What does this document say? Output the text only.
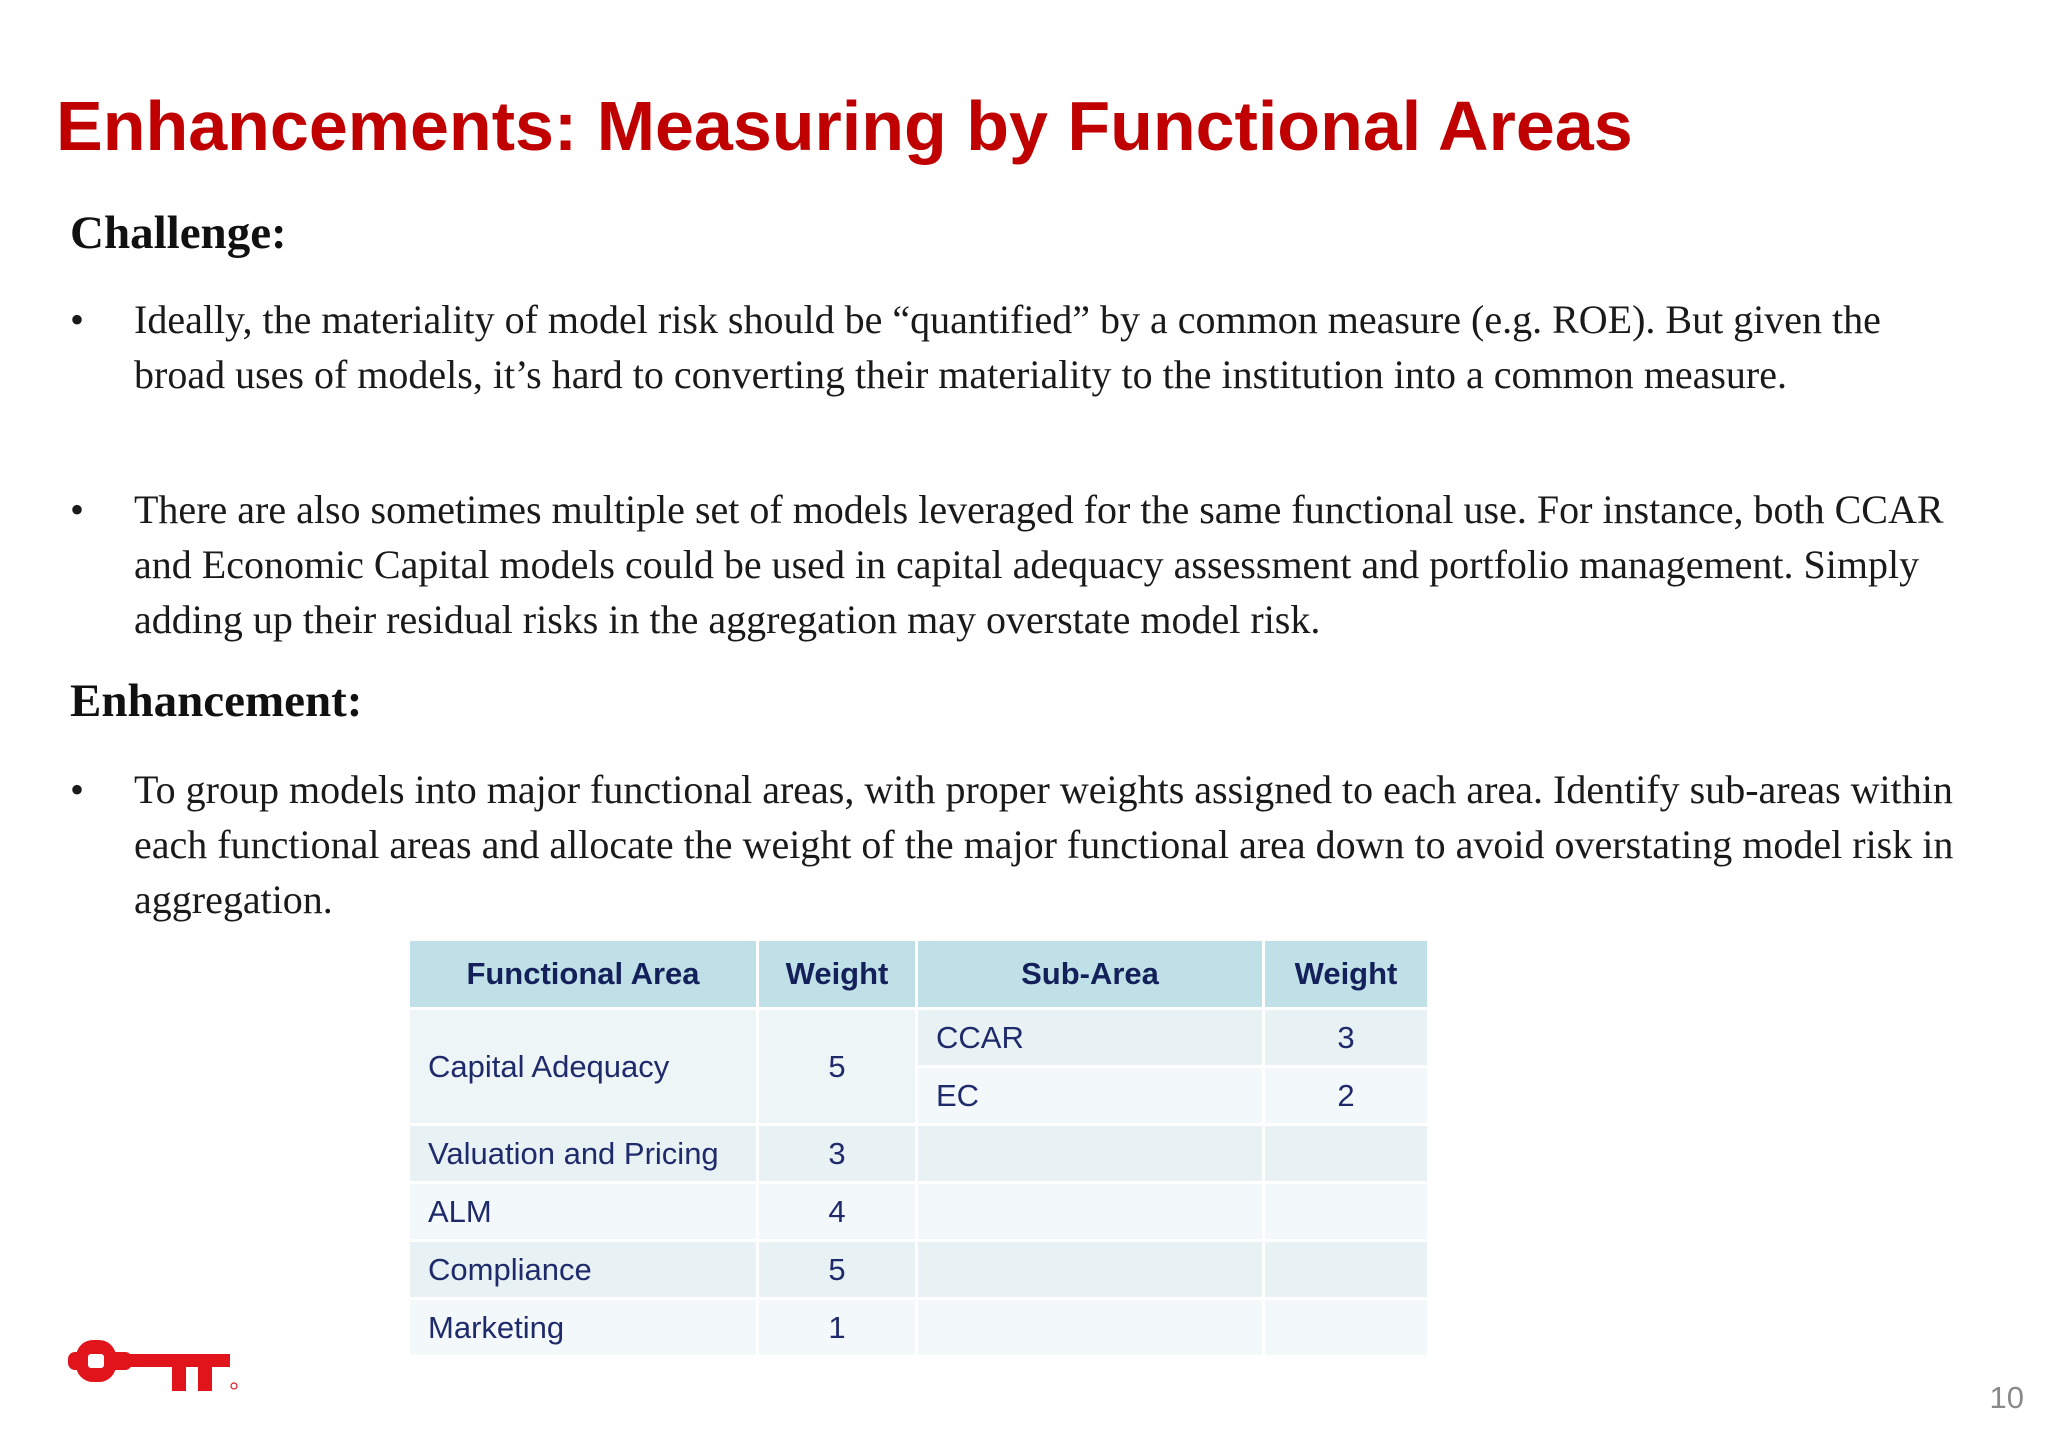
Enhancements: Measuring by Functional Areas
Challenge:
•	Ideally, the materiality of model risk should be “quantified” by a common measure (e.g. ROE). But given the broad uses of models, it’s hard to converting their materiality to the institution into a common measure.
•	There are also sometimes multiple set of models leveraged for the same functional use. For instance, both CCAR and Economic Capital models could be used in capital adequacy assessment and portfolio management. Simply adding up their residual risks in the aggregation may overstate model risk.
Enhancement:
•	To group models into major functional areas, with proper weights assigned to each area. Identify sub-areas within each functional areas and allocate the weight of the major functional area down to avoid overstating model risk in aggregation.
Functional Area	Weight	Sub-Area	Weight
Capital Adequacy	5	CCAR	3
		EC	2
Valuation and Pricing	3		
ALM	4		
Compliance	5		
Marketing	1		
10
